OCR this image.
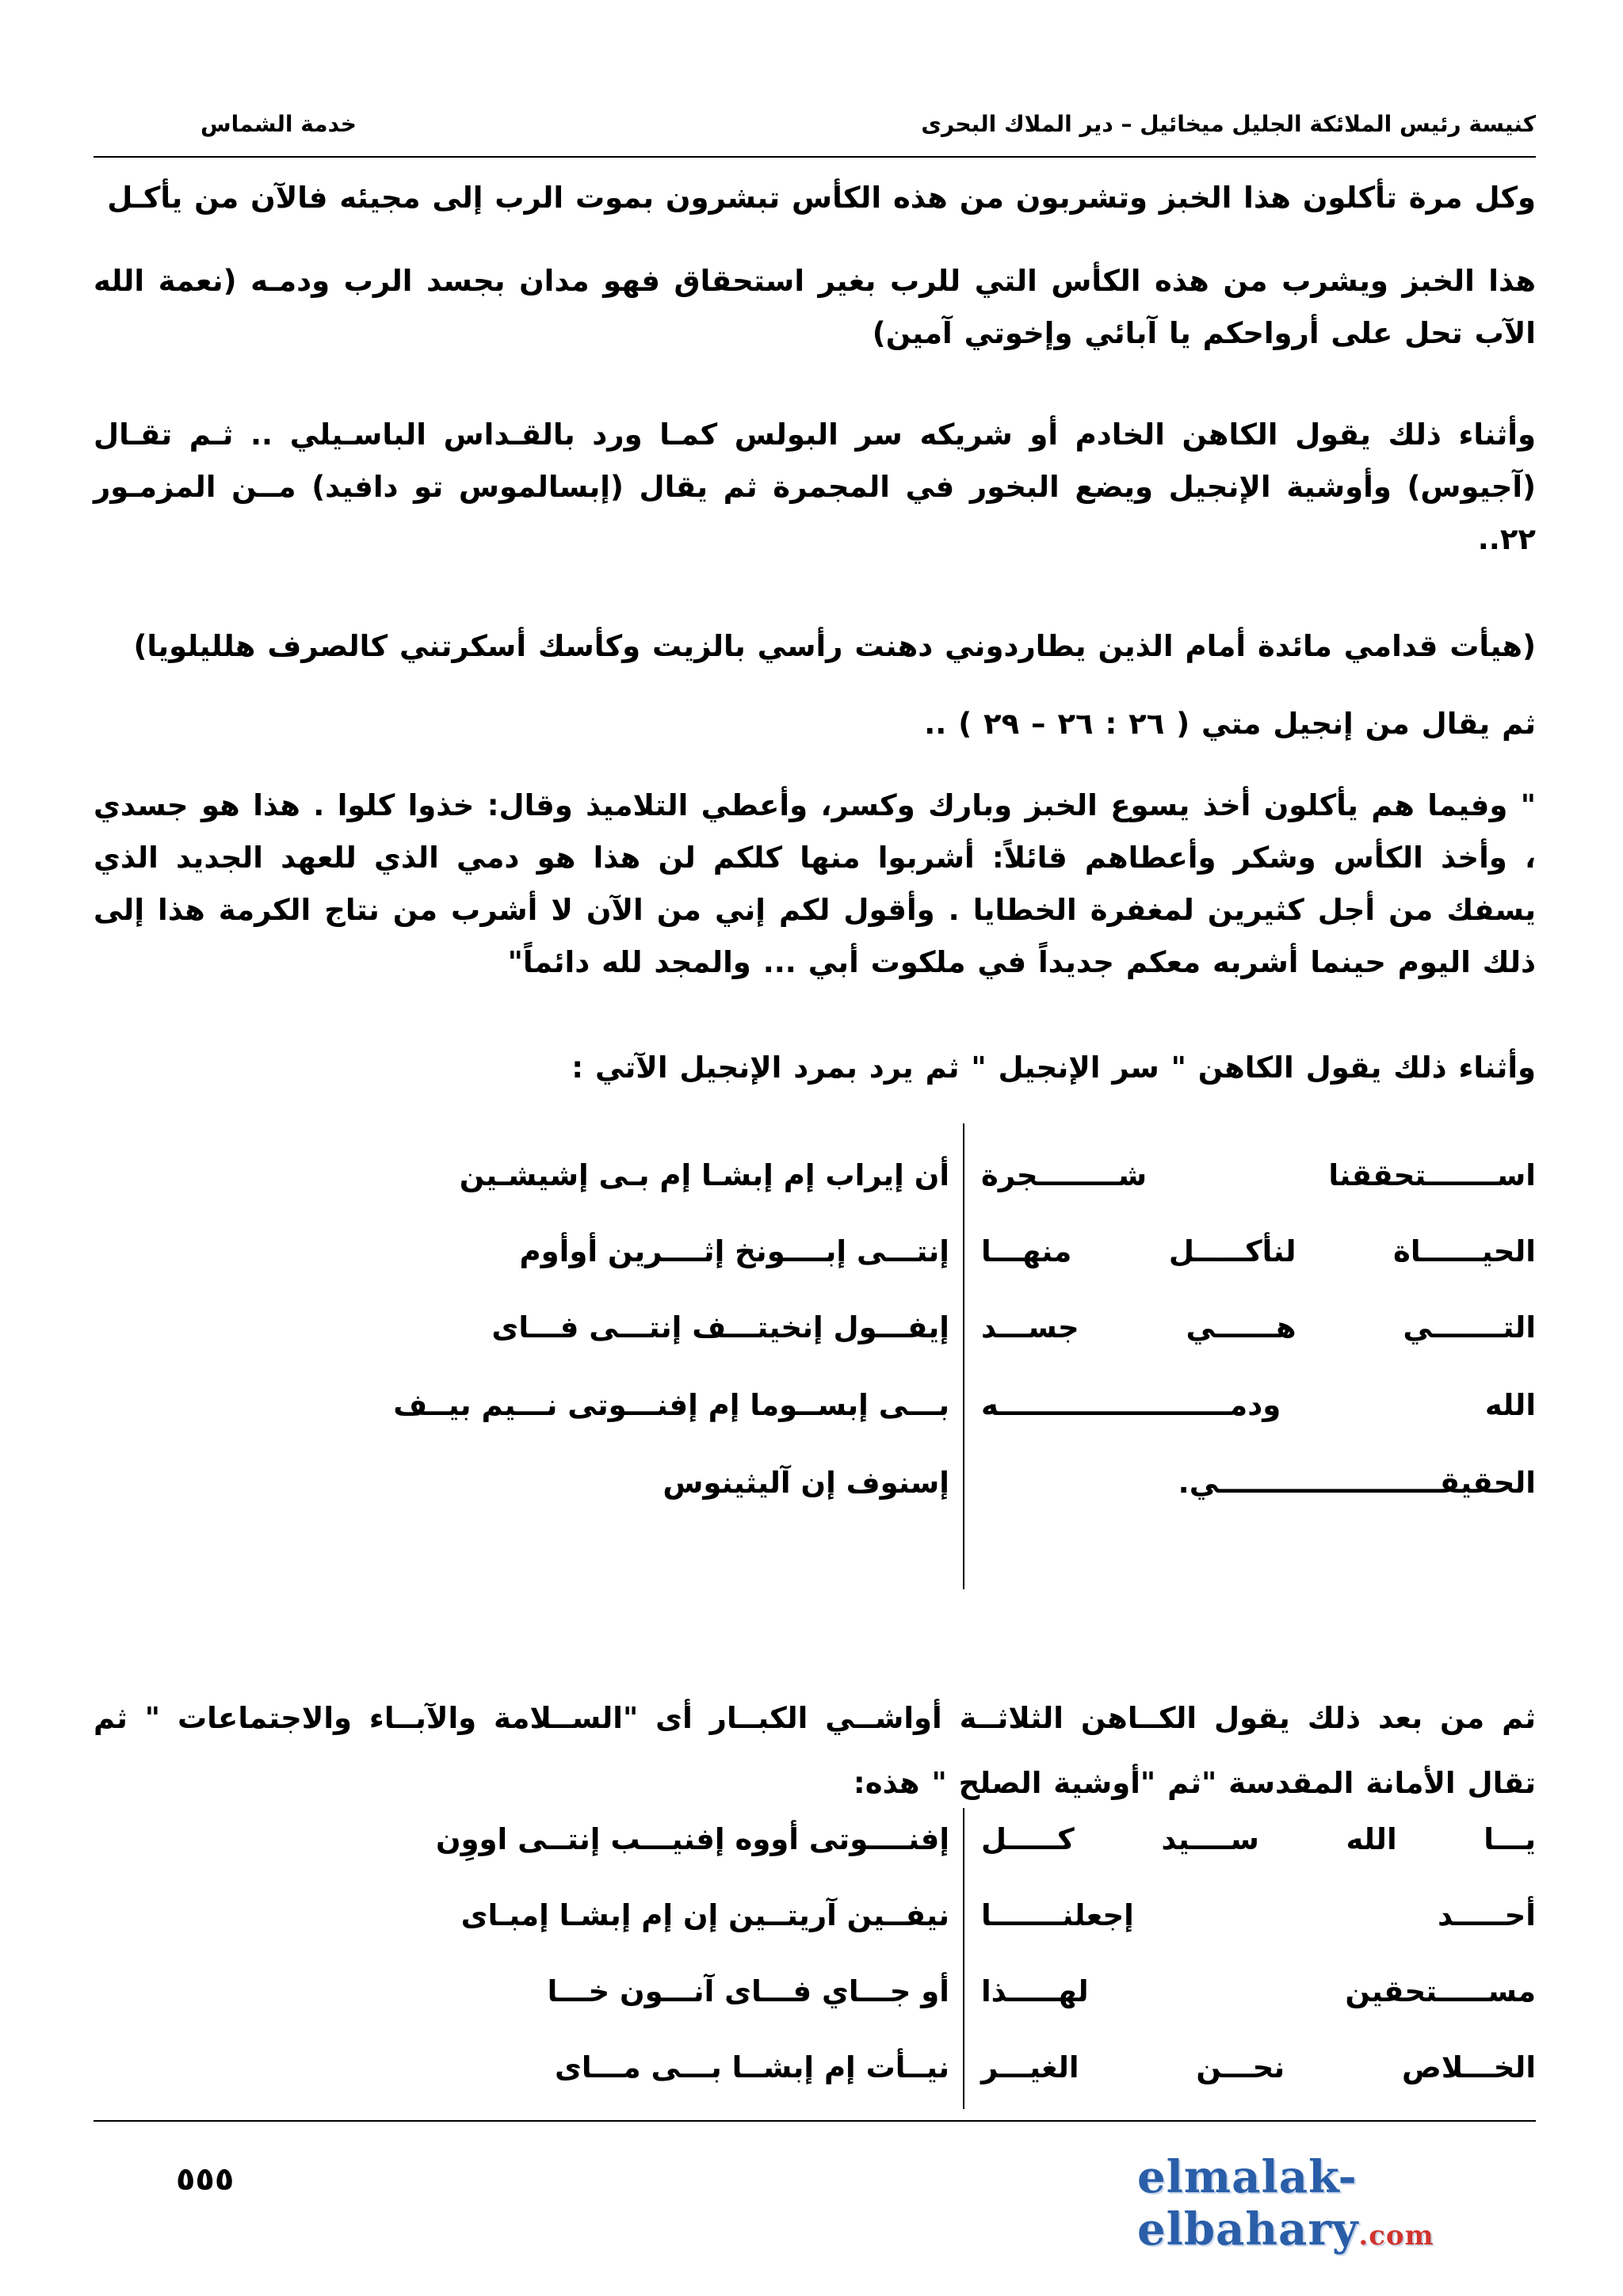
كنيسة رئيس الملائكة الجليل ميخائيل – دير الملاك البحرى
خدمة الشماس
وكل مرة تأكلون هذا الخبز وتشربون من هذه الكأس تبشرون بموت الرب إلى مجيئه فالآن من يأكـل
هذا الخبز ويشرب من هذه الكأس التي للرب بغير استحقاق فهو مدان بجسد الرب ودمـه (نعمة الله الآب تحل على أرواحكم يا آبائي وإخوتي آمين)
وأثناء ذلك يقول الكاهن الخادم أو شريكه سر البولس كمـا ورد بالقـداس الباسـيلي .. ثـم تقـال (آجيوس) وأوشية الإنجيل ويضع البخور في المجمرة ثم يقال (إبسالموس تو دافيد) مــن المزمـور ٢٢..
(هيأت قدامي مائدة أمام الذين يطاردوني دهنت رأسي بالزيت وكأسك أسكرتني كالصرف هلليلويا)
ثم يقال من إنجيل متي ( ٢٦ : ٢٦ – ٢٩ ) ..
" وفيما هم يأكلون أخذ يسوع الخبز وبارك وكسر، وأعطي التلاميذ وقال: خذوا كلوا . هذا هو جسدي ، وأخذ الكأس وشكر وأعطاهم قائلاً: أشربوا منها كلكم لن هذا هو دمي الذي للعهد الجديد الذي يسفك من أجل كثيرين لمغفرة الخطايا . وأقول لكم إني من الآن لا أشرب من نتاج الكرمة هذا إلى ذلك اليوم حينما أشربه معكم جديداً في ملكوت أبي ... والمجد لله دائماً"
وأثناء ذلك يقول الكاهن " سر الإنجيل " ثم يرد بمرد الإنجيل الآتي :
اســـــــتحققنا شــــــــجرة
أن إيراب إم إبشـا إم بـى إشيشـين
الحيــــــاة لنأكـــــل منهـــا
إنتـــى إبــــونخ إثــــرين أوأوم
التـــــــي هــــــي جســـد
إيفـــول إنخيتـــف إنتـــى فـــاى
الله ودمـــــــــــــــــــــــه
بـــى إبســوما إم إفنـــوتى نـــيم بيــف
الحقيقــــــــــــــــــــــي.
إسنوف إن آليثينوس
ثم من بعد ذلك يقول الكــاهن الثلاثــة أواشــي الكبــار أى "الســلامة والآبــاء والاجتماعات " ثم تقال الأمانة المقدسة "ثم "أوشية الصلح " هذه:
يـــا الله ســــيد كـــــل
إفنــــوتى أووه إفنيـــب إنتــى اووِن
أحـــــد إجعلنـــــــا
نيفــين آريتــين إن إم إبشـا إمبـاى
مســـــتحقين لهـــــذا
أو جـــاي فـــاى آنـــون خـــا
الخـــلاص نحـــن الغيـــر
نيــأت إم إبشــا بـــى مـــاى
٥٥٥	elmalak-elbahary.com
